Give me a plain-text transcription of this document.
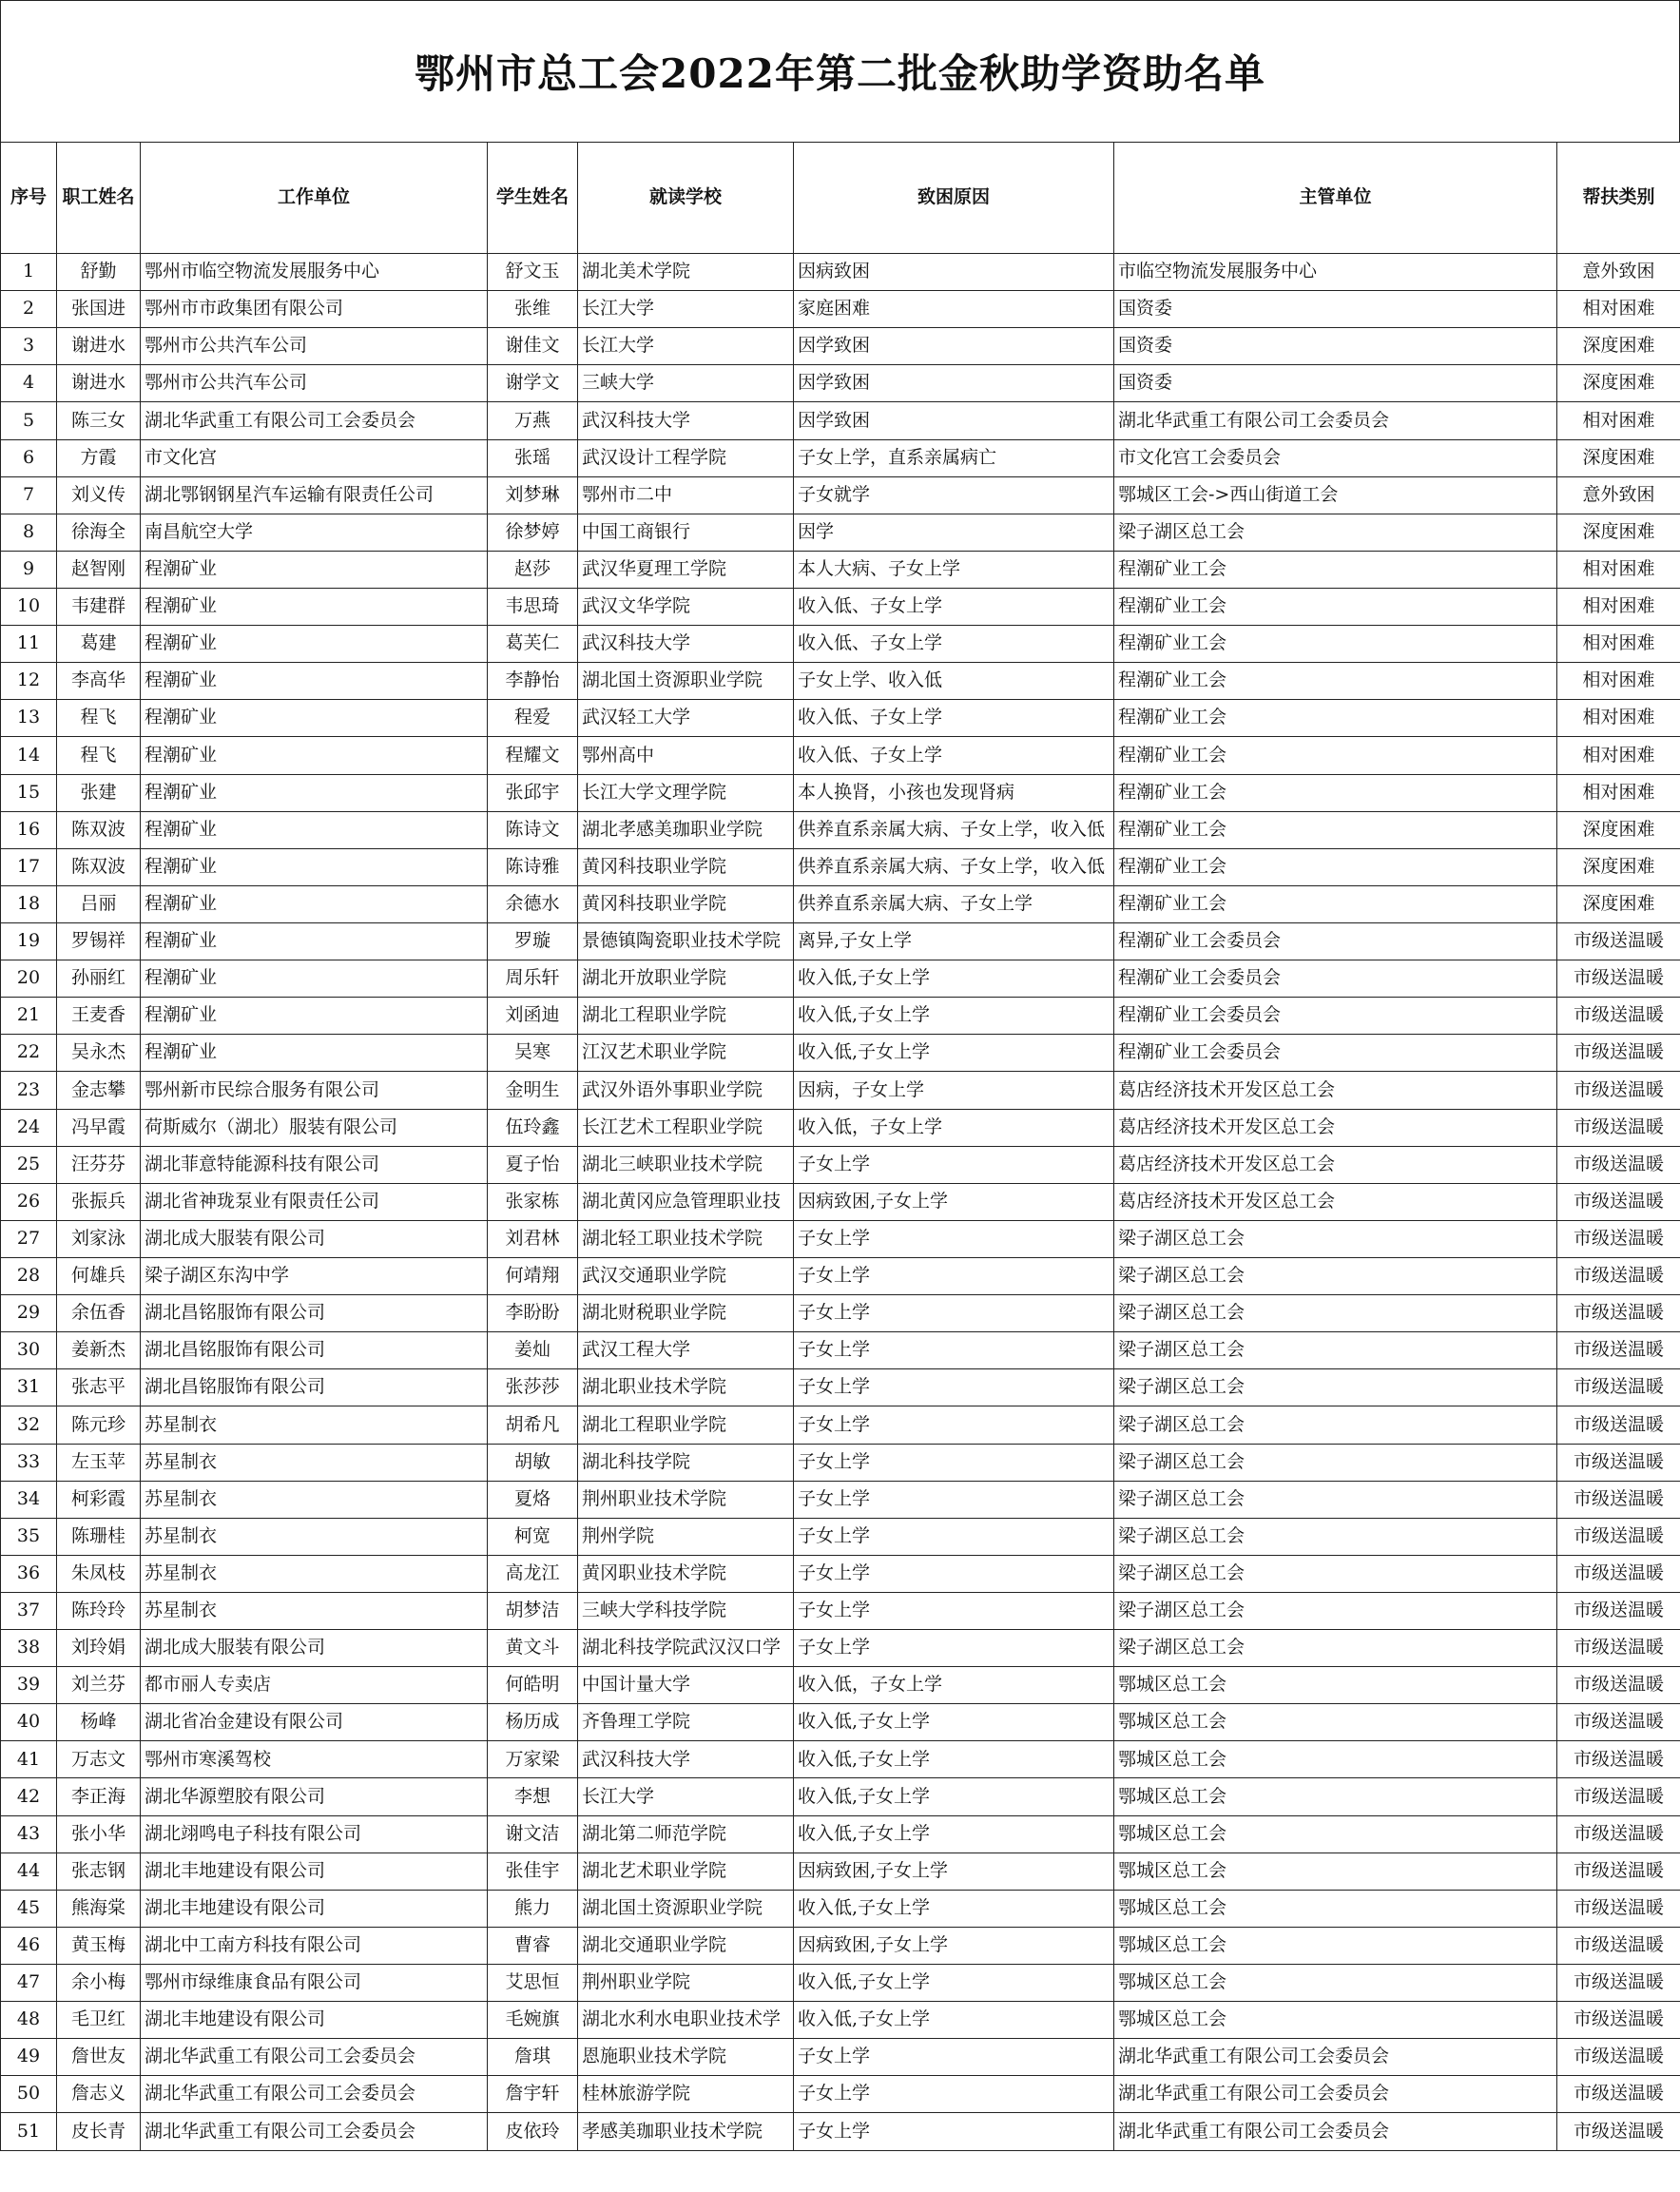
鄂州市总工会2022年第二批金秋助学资助名单
序号	职工姓名	工作单位	学生姓名	就读学校	致困原因	主管单位	帮扶类别
1	舒勤	鄂州市临空物流发展服务中心	舒文玉	湖北美术学院	因病致困	市临空物流发展服务中心	意外致困
2	张国进	鄂州市市政集团有限公司	张维	长江大学	家庭困难	国资委	相对困难
3	谢进水	鄂州市公共汽车公司	谢佳文	长江大学	因学致困	国资委	深度困难
4	谢进水	鄂州市公共汽车公司	谢学文	三峡大学	因学致困	国资委	深度困难
5	陈三女	湖北华武重工有限公司工会委员会	万燕	武汉科技大学	因学致困	湖北华武重工有限公司工会委员会	相对困难
6	方霞	市文化宫	张瑶	武汉设计工程学院	子女上学，直系亲属病亡	市文化宫工会委员会	深度困难
7	刘义传	湖北鄂钢钢星汽车运输有限责任公司	刘梦琳	鄂州市二中	子女就学	鄂城区工会->西山街道工会	意外致困
8	徐海全	南昌航空大学	徐梦婷	中国工商银行	因学	梁子湖区总工会	深度困难
9	赵智刚	程潮矿业	赵莎	武汉华夏理工学院	本人大病、子女上学	程潮矿业工会	相对困难
10	韦建群	程潮矿业	韦思琦	武汉文华学院	收入低、子女上学	程潮矿业工会	相对困难
11	葛建	程潮矿业	葛芙仁	武汉科技大学	收入低、子女上学	程潮矿业工会	相对困难
12	李高华	程潮矿业	李静怡	湖北国土资源职业学院	子女上学、收入低	程潮矿业工会	相对困难
13	程飞	程潮矿业	程爱	武汉轻工大学	收入低、子女上学	程潮矿业工会	相对困难
14	程飞	程潮矿业	程耀文	鄂州高中	收入低、子女上学	程潮矿业工会	相对困难
15	张建	程潮矿业	张邱宇	长江大学文理学院	本人换肾，小孩也发现肾病	程潮矿业工会	相对困难
16	陈双波	程潮矿业	陈诗文	湖北孝感美珈职业学院	供养直系亲属大病、子女上学，收入低	程潮矿业工会	深度困难
17	陈双波	程潮矿业	陈诗雅	黄冈科技职业学院	供养直系亲属大病、子女上学，收入低	程潮矿业工会	深度困难
18	吕丽	程潮矿业	余德水	黄冈科技职业学院	供养直系亲属大病、子女上学	程潮矿业工会	深度困难
19	罗锡祥	程潮矿业	罗璇	景德镇陶瓷职业技术学院	离异,子女上学	程潮矿业工会委员会	市级送温暖
20	孙丽红	程潮矿业	周乐轩	湖北开放职业学院	收入低,子女上学	程潮矿业工会委员会	市级送温暖
21	王麦香	程潮矿业	刘函迪	湖北工程职业学院	收入低,子女上学	程潮矿业工会委员会	市级送温暖
22	吴永杰	程潮矿业	吴寒	江汉艺术职业学院	收入低,子女上学	程潮矿业工会委员会	市级送温暖
23	金志攀	鄂州新市民综合服务有限公司	金明生	武汉外语外事职业学院	因病，子女上学	葛店经济技术开发区总工会	市级送温暖
24	冯早霞	荷斯威尔（湖北）服装有限公司	伍玲鑫	长江艺术工程职业学院	收入低，子女上学	葛店经济技术开发区总工会	市级送温暖
25	汪芬芬	湖北菲意特能源科技有限公司	夏子怡	湖北三峡职业技术学院	子女上学	葛店经济技术开发区总工会	市级送温暖
26	张振兵	湖北省神珑泵业有限责任公司	张家栋	湖北黄冈应急管理职业技	因病致困,子女上学	葛店经济技术开发区总工会	市级送温暖
27	刘家泳	湖北成大服装有限公司	刘君林	湖北轻工职业技术学院	子女上学	梁子湖区总工会	市级送温暖
28	何雄兵	梁子湖区东沟中学	何靖翔	武汉交通职业学院	子女上学	梁子湖区总工会	市级送温暖
29	余伍香	湖北昌铭服饰有限公司	李盼盼	湖北财税职业学院	子女上学	梁子湖区总工会	市级送温暖
30	姜新杰	湖北昌铭服饰有限公司	姜灿	武汉工程大学	子女上学	梁子湖区总工会	市级送温暖
31	张志平	湖北昌铭服饰有限公司	张莎莎	湖北职业技术学院	子女上学	梁子湖区总工会	市级送温暖
32	陈元珍	苏星制衣	胡希凡	湖北工程职业学院	子女上学	梁子湖区总工会	市级送温暖
33	左玉苹	苏星制衣	胡敏	湖北科技学院	子女上学	梁子湖区总工会	市级送温暖
34	柯彩霞	苏星制衣	夏烙	荆州职业技术学院	子女上学	梁子湖区总工会	市级送温暖
35	陈珊桂	苏星制衣	柯宽	荆州学院	子女上学	梁子湖区总工会	市级送温暖
36	朱凤枝	苏星制衣	高龙江	黄冈职业技术学院	子女上学	梁子湖区总工会	市级送温暖
37	陈玲玲	苏星制衣	胡梦洁	三峡大学科技学院	子女上学	梁子湖区总工会	市级送温暖
38	刘玲娟	湖北成大服装有限公司	黄文斗	湖北科技学院武汉汉口学	子女上学	梁子湖区总工会	市级送温暖
39	刘兰芬	都市丽人专卖店	何皓明	中国计量大学	收入低，子女上学	鄂城区总工会	市级送温暖
40	杨峰	湖北省冶金建设有限公司	杨历成	齐鲁理工学院	收入低,子女上学	鄂城区总工会	市级送温暖
41	万志文	鄂州市寒溪驾校	万家梁	武汉科技大学	收入低,子女上学	鄂城区总工会	市级送温暖
42	李正海	湖北华源塑胶有限公司	李想	长江大学	收入低,子女上学	鄂城区总工会	市级送温暖
43	张小华	湖北翊鸣电子科技有限公司	谢文洁	湖北第二师范学院	收入低,子女上学	鄂城区总工会	市级送温暖
44	张志钢	湖北丰地建设有限公司	张佳宇	湖北艺术职业学院	因病致困,子女上学	鄂城区总工会	市级送温暖
45	熊海棠	湖北丰地建设有限公司	熊力	湖北国土资源职业学院	收入低,子女上学	鄂城区总工会	市级送温暖
46	黄玉梅	湖北中工南方科技有限公司	曹睿	湖北交通职业学院	因病致困,子女上学	鄂城区总工会	市级送温暖
47	余小梅	鄂州市绿维康食品有限公司	艾思恒	荆州职业学院	收入低,子女上学	鄂城区总工会	市级送温暖
48	毛卫红	湖北丰地建设有限公司	毛婉旗	湖北水利水电职业技术学	收入低,子女上学	鄂城区总工会	市级送温暖
49	詹世友	湖北华武重工有限公司工会委员会	詹琪	恩施职业技术学院	子女上学	湖北华武重工有限公司工会委员会	市级送温暖
50	詹志义	湖北华武重工有限公司工会委员会	詹宇轩	桂林旅游学院	子女上学	湖北华武重工有限公司工会委员会	市级送温暖
51	皮长青	湖北华武重工有限公司工会委员会	皮依玲	孝感美珈职业技术学院	子女上学	湖北华武重工有限公司工会委员会	市级送温暖
